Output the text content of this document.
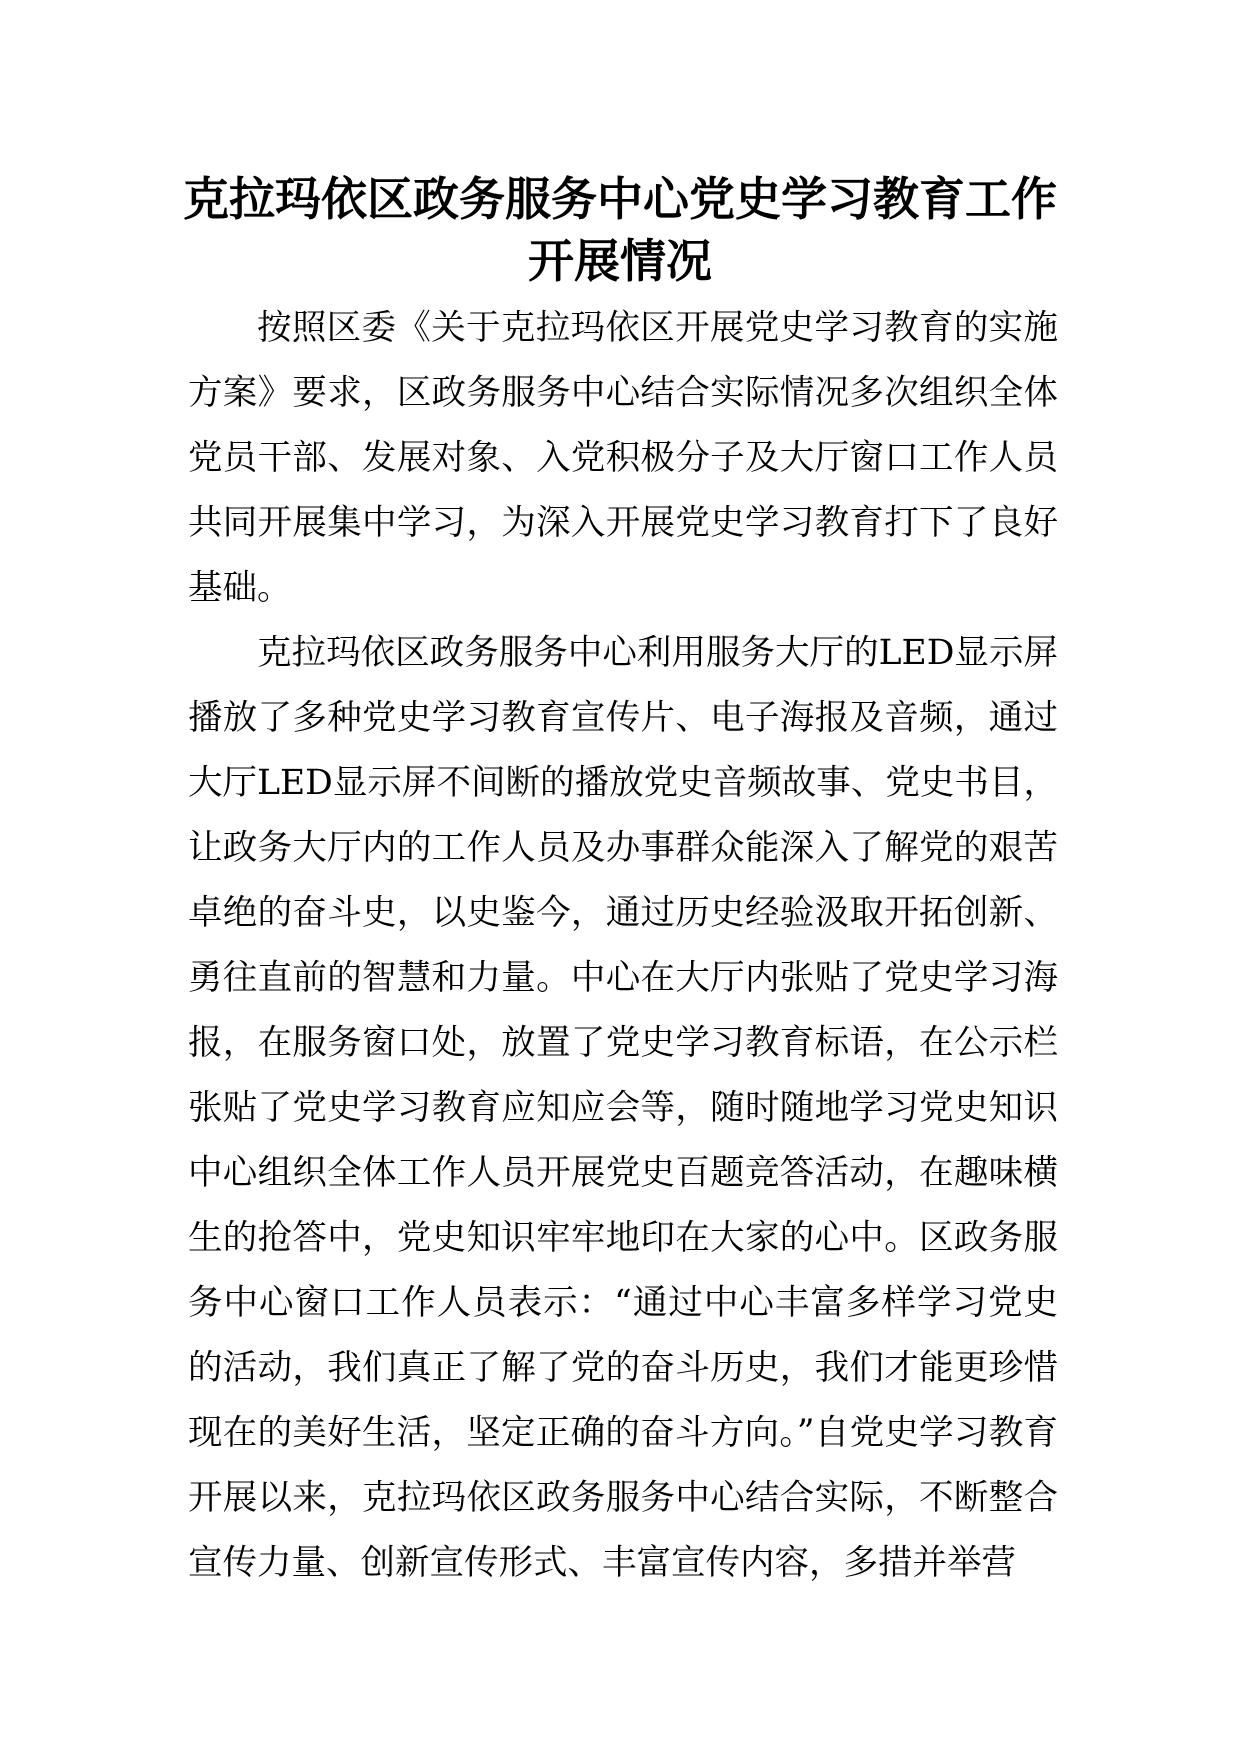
克拉玛依区政务服务中心党史学习教育工作开展情况

按照区委《关于克拉玛依区开展党史学习教育的实施方案》要求，区政务服务中心结合实际情况多次组织全体党员干部、发展对象、入党积极分子及大厅窗口工作人员共同开展集中学习，为深入开展党史学习教育打下了良好基础。

克拉玛依区政务服务中心利用服务大厅的LED显示屏播放了多种党史学习教育宣传片、电子海报及音频，通过大厅LED显示屏不间断的播放党史音频故事、党史书目，让政务大厅内的工作人员及办事群众能深入了解党的艰苦卓绝的奋斗史，以史鉴今，通过历史经验汲取开拓创新、勇往直前的智慧和力量。中心在大厅内张贴了党史学习海报，在服务窗口处，放置了党史学习教育标语，在公示栏张贴了党史学习教育应知应会等，随时随地学习党史知识中心组织全体工作人员开展党史百题竞答活动，在趣味横生的抢答中，党史知识牢牢地印在大家的心中。区政务服务中心窗口工作人员表示：“通过中心丰富多样学习党史的活动，我们真正了解了党的奋斗历史，我们才能更珍惜现在的美好生活，坚定正确的奋斗方向。”自党史学习教育开展以来，克拉玛依区政务服务中心结合实际，不断整合宣传力量、创新宣传形式、丰富宣传内容，多措并举营
